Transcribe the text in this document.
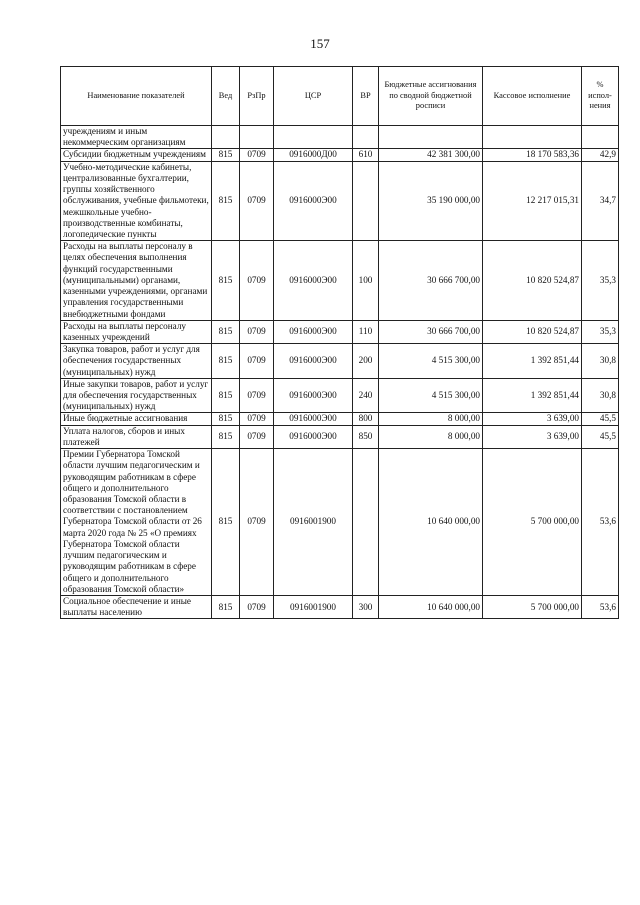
157
Наименование показателей	Вед	РзПр	ЦСР	ВР	Бюджетные ассигнования по сводной бюджетной росписи	Кассовое исполнение	% испол-нения
учреждениям и иным некоммерческим организациям							
Субсидии бюджетным учреждениям	815	0709	0916000Д00	610	42 381 300,00	18 170 583,36	42,9
Учебно-методические кабинеты, централизованные бухгалтерии, группы хозяйственного обслуживания, учебные фильмотеки, межшкольные учебно-производственные комбинаты, логопедические пункты	815	0709	0916000Э00		35 190 000,00	12 217 015,31	34,7
Расходы на выплаты персоналу в целях обеспечения выполнения функций государственными (муниципальными) органами, казенными учреждениями, органами управления государственными внебюджетными фондами	815	0709	0916000Э00	100	30 666 700,00	10 820 524,87	35,3
Расходы на выплаты персоналу казенных учреждений	815	0709	0916000Э00	110	30 666 700,00	10 820 524,87	35,3
Закупка товаров, работ и услуг для обеспечения государственных (муниципальных) нужд	815	0709	0916000Э00	200	4 515 300,00	1 392 851,44	30,8
Иные закупки товаров, работ и услуг для обеспечения государственных (муниципальных) нужд	815	0709	0916000Э00	240	4 515 300,00	1 392 851,44	30,8
Иные бюджетные ассигнования	815	0709	0916000Э00	800	8 000,00	3 639,00	45,5
Уплата налогов, сборов и иных платежей	815	0709	0916000Э00	850	8 000,00	3 639,00	45,5
Премии Губернатора Томской области лучшим педагогическим и руководящим работникам в сфере общего и дополнительного образования Томской области в соответствии с постановлением Губернатора Томской области от 26 марта 2020 года № 25 «О премиях Губернатора Томской области лучшим педагогическим и руководящим работникам в сфере общего и дополнительного образования Томской области»	815	0709	0916001900		10 640 000,00	5 700 000,00	53,6
Социальное обеспечение и иные выплаты населению	815	0709	0916001900	300	10 640 000,00	5 700 000,00	53,6
